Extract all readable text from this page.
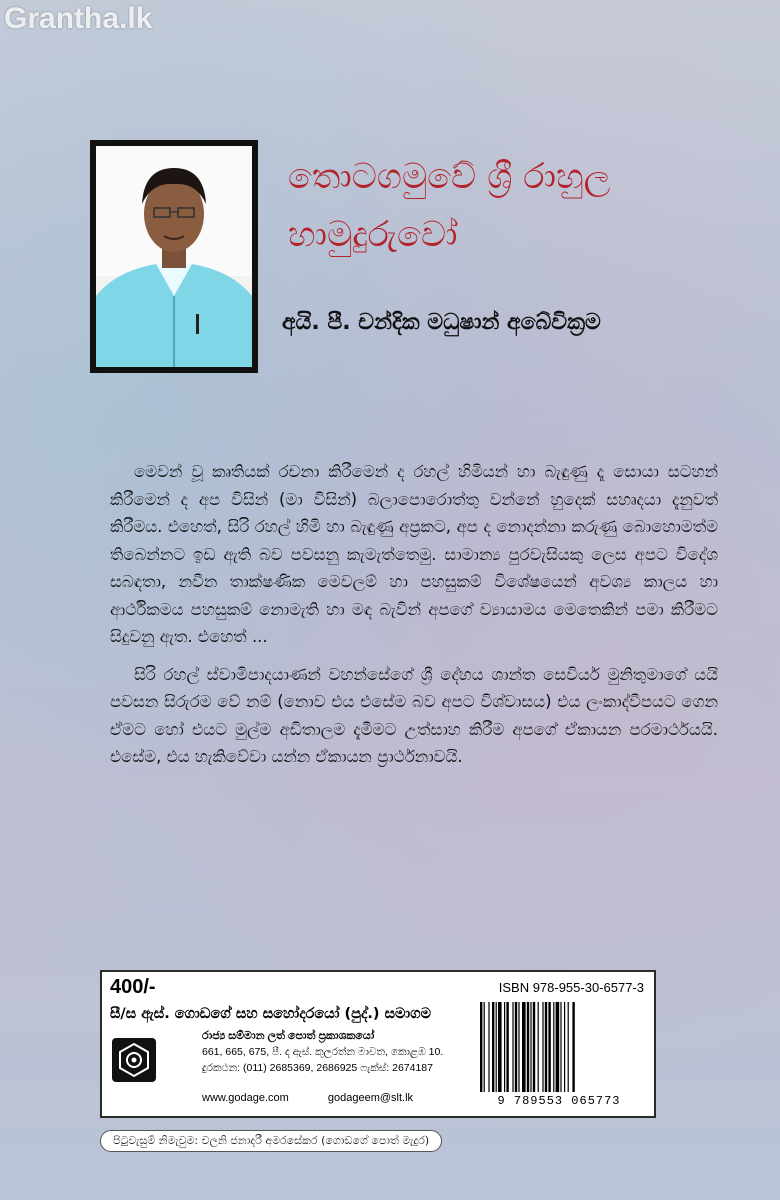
Grantha.lk
තොටගමුවේ ශ්‍රී රාහුල
හාමුදුරුවෝ
අයි. පී. චන්දික මධුෂාන් අබේවික්‍රම

මෙවන් වූ කෘතියක් රචනා කිරීමෙන් ද රහල් හිමියන් හා බැඳුණු දෑ සොයා සටහන් කිරීමෙන් ද අප විසින් (මා විසින්) බලාපොරොත්තු වන්නේ හුදෙක් සහෘදයා දැනුවත් කිරීමය. එහෙත්, සිරි රහල් හිමි හා බැඳුණු අප්‍රකට, අප ද නොදන්නා කරුණු බොහොමත්ම තිබෙන්නට ඉඩ ඇති බව පවසනු කැමැත්තෙමු. සාමාන්‍ය පුරවැසියකු ලෙස අපට විදේශ සබඳතා, නවීන තාක්ෂණික මෙවලම් හා පහසුකම් විශේෂයෙන් අවශ්‍ය කාලය හා ආර්ථිකමය පහසුකම් නොමැති හා මඳ බැවින් අපගේ ව්‍යායාමය මෙතෙකින් පමා කිරීමට සිදුවනු ඇත. එහෙත් ...

සිරි රහල් ස්වාමිපාදයාණන් වහන්සේගේ ශ්‍රී දේහය ශාන්ත සෙවියර් මුනිතුමාගේ යයි පවසන සිරුරම වේ නම් (නොව එය එසේම බව අපට විශ්වාසය) එය ලංකාද්වීපයට ගෙන ඒමට හෝ එයට මුල්ම අඩිතාලම දැමීමට උත්සාහ කිරීම අපගේ ඒකායන පරමාර්ථයයි. එසේම, එය හැකිවේවා යන්න ඒකායන ප්‍රාර්ථනාවයි.

400/-	ISBN 978-955-30-6577-3
සී/ස ඇස්. ගොඩගේ සහ සහෝදරයෝ (පුද්.) සමාගම
රාජ්‍ය සම්මාන ලත් පොත් ප්‍රකාශකයෝ
661, 665, 675, පී. ද ඇස්. කුලරත්න මාවත, කොළඹ 10.
දුරකථන: (011) 2685369, 2686925 ෆැක්ස්: 2674187
www.godage.com	godageem@slt.lk	9 789553 065773
පිටුවැසුම් නිමැවුම: චලනි ජනාදරී අමරසේකර (ගොඩගේ පොත් මැදුර)
